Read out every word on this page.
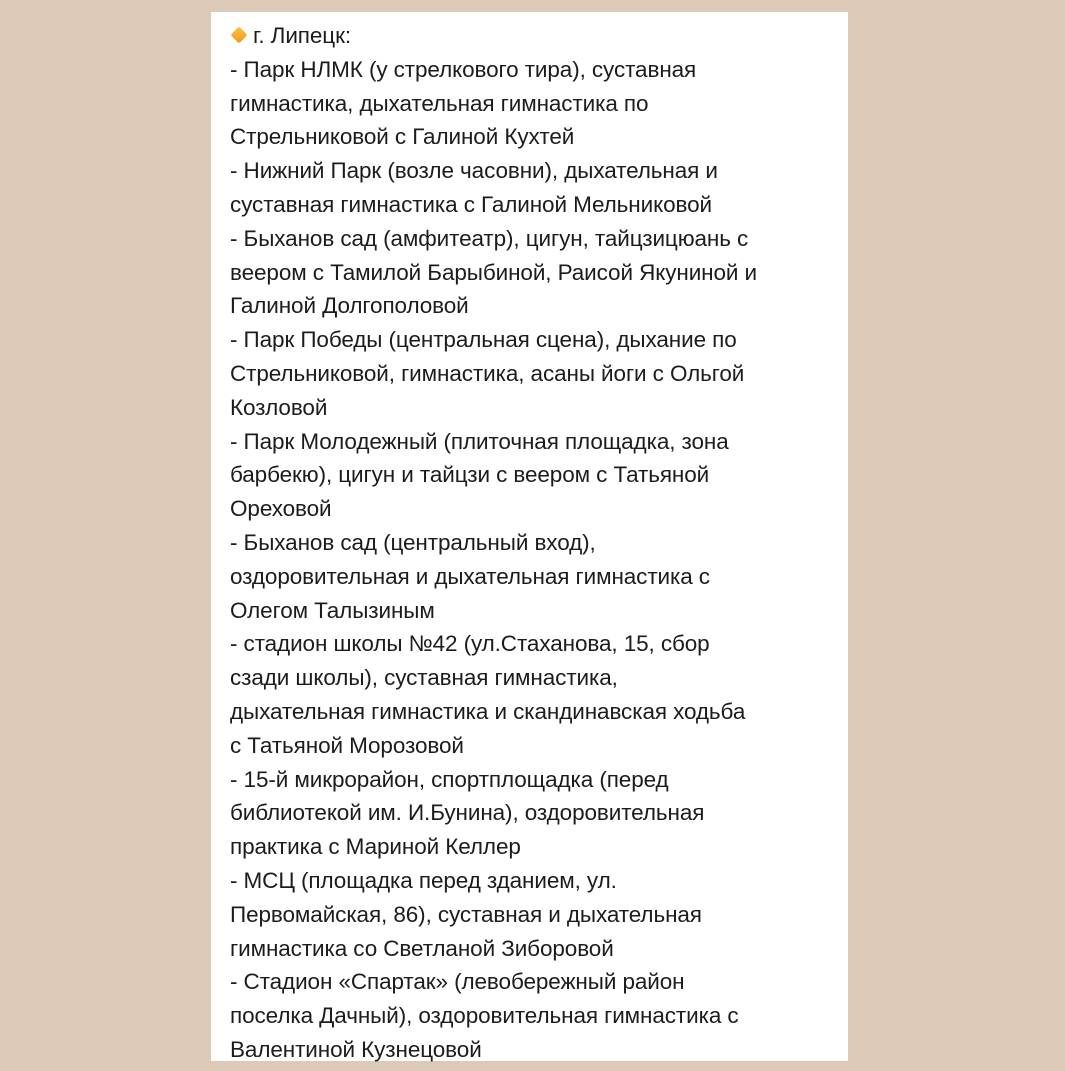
г. Липецк:
- Парк НЛМК (у стрелкового тира), суставная
гимнастика, дыхательная гимнастика по
Стрельниковой с Галиной Кухтей
- Нижний Парк (возле часовни), дыхательная и
суставная гимнастика с Галиной Мельниковой
- Быханов сад (амфитеатр), цигун, тайцзицюань с
веером с Тамилой Барыбиной, Раисой Якуниной и
Галиной Долгополовой
- Парк Победы (центральная сцена), дыхание по
Стрельниковой, гимнастика, асаны йоги с Ольгой
Козловой
- Парк Молодежный (плиточная площадка, зона
барбекю), цигун и тайцзи с веером с Татьяной
Ореховой
- Быханов сад (центральный вход),
оздоровительная и дыхательная гимнастика с
Олегом Талызиным
- стадион школы №42 (ул.Стаханова, 15, сбор
сзади школы), суставная гимнастика,
дыхательная гимнастика и скандинавская ходьба
с Татьяной Морозовой
- 15-й микрорайон, спортплощадка (перед
библиотекой им. И.Бунина), оздоровительная
практика с Мариной Келлер
- МСЦ (площадка перед зданием, ул.
Первомайская, 86), суставная и дыхательная
гимнастика со Светланой Зиборовой
- Стадион «Спартак» (левобережный район
поселка Дачный), оздоровительная гимнастика с
Валентиной Кузнецовой
